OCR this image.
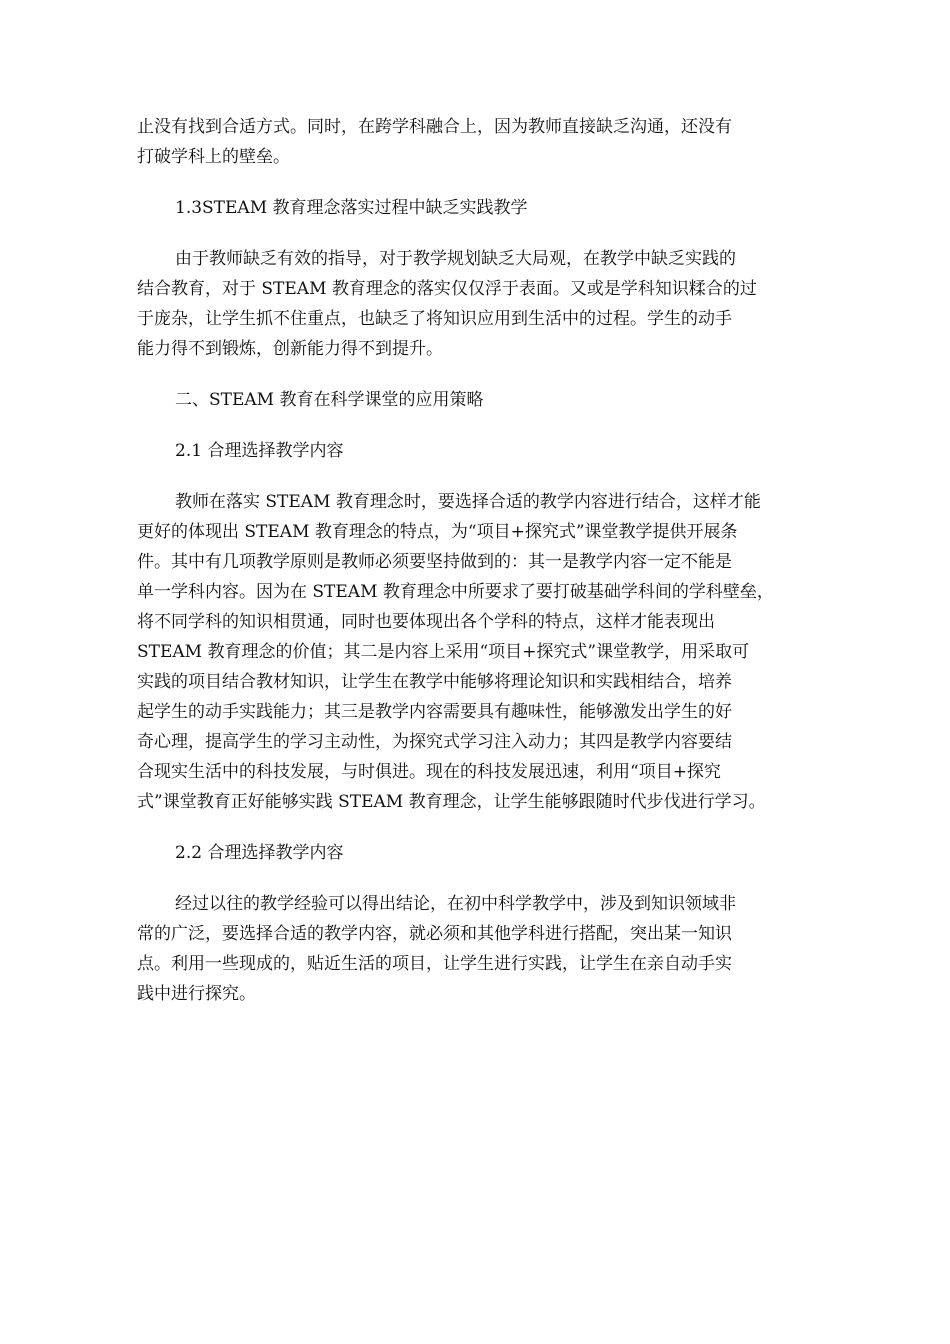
止没有找到合适方式。同时，在跨学科融合上，因为教师直接缺乏沟通，还没有
打破学科上的壁垒。
1.3STEAM 教育理念落实过程中缺乏实践教学
由于教师缺乏有效的指导，对于教学规划缺乏大局观，在教学中缺乏实践的
结合教育，对于 STEAM 教育理念的落实仅仅浮于表面。又或是学科知识糅合的过
于庞杂，让学生抓不住重点，也缺乏了将知识应用到生活中的过程。学生的动手
能力得不到锻炼，创新能力得不到提升。
二、STEAM 教育在科学课堂的应用策略
2.1 合理选择教学内容
教师在落实 STEAM 教育理念时，要选择合适的教学内容进行结合，这样才能
更好的体现出 STEAM 教育理念的特点，为“项目+探究式”课堂教学提供开展条
件。其中有几项教学原则是教师必须要坚持做到的：其一是教学内容一定不能是
单一学科内容。因为在 STEAM 教育理念中所要求了要打破基础学科间的学科壁垒，
将不同学科的知识相贯通，同时也要体现出各个学科的特点，这样才能表现出
STEAM 教育理念的价值；其二是内容上采用“项目+探究式”课堂教学，用采取可
实践的项目结合教材知识，让学生在教学中能够将理论知识和实践相结合，培养
起学生的动手实践能力；其三是教学内容需要具有趣味性，能够激发出学生的好
奇心理，提高学生的学习主动性，为探究式学习注入动力；其四是教学内容要结
合现实生活中的科技发展，与时俱进。现在的科技发展迅速，利用“项目+探究
式”课堂教育正好能够实践 STEAM 教育理念，让学生能够跟随时代步伐进行学习。
2.2 合理选择教学内容
经过以往的教学经验可以得出结论，在初中科学教学中，涉及到知识领域非
常的广泛，要选择合适的教学内容，就必须和其他学科进行搭配，突出某一知识
点。利用一些现成的，贴近生活的项目，让学生进行实践，让学生在亲自动手实
践中进行探究。
